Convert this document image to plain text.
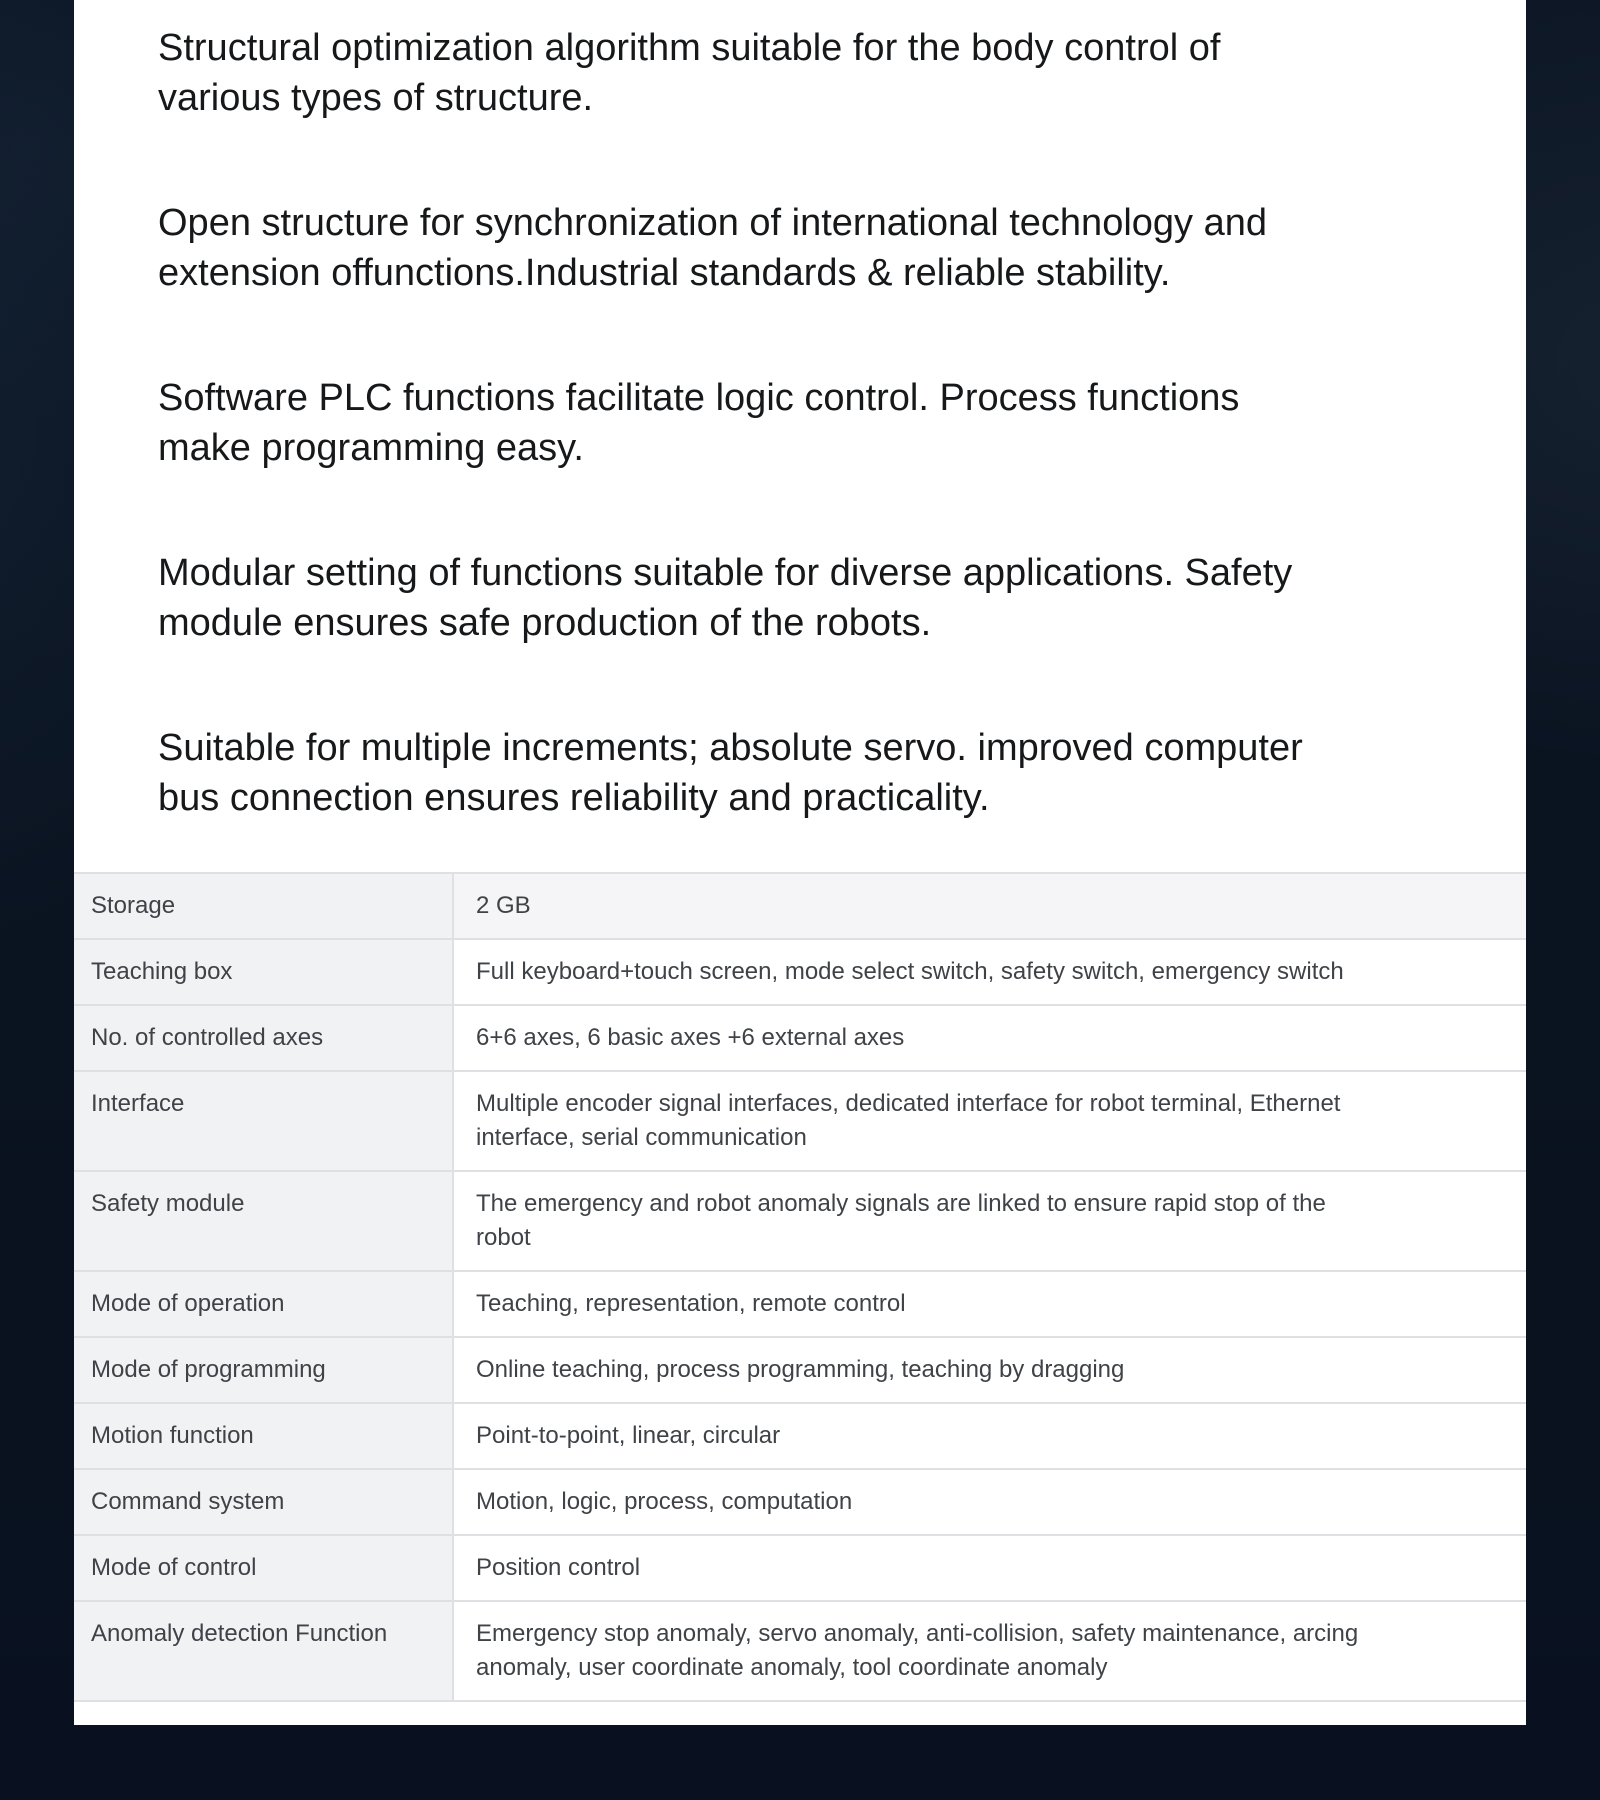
Structural optimization algorithm suitable for the body control of
various types of structure.

Open structure for synchronization of international technology and
extension offunctions.Industrial standards & reliable stability.

Software PLC functions facilitate logic control. Process functions
make programming easy.

Modular setting of functions suitable for diverse applications. Safety
module ensures safe production of the robots.

Suitable for multiple increments; absolute servo. improved computer
bus connection ensures reliability and practicality.

Storage	2 GB

Teaching box	Full keyboard+touch screen, mode select switch, safety switch, emergency switch

No. of controlled axes	6+6 axes, 6 basic axes +6 external axes

Interface	Multiple encoder signal interfaces, dedicated interface for robot terminal, Ethernet
interface, serial communication

Safety module	The emergency and robot anomaly signals are linked to ensure rapid stop of the
robot

Mode of operation	Teaching, representation, remote control

Mode of programming	Online teaching, process programming, teaching by dragging

Motion function	Point-to-point, linear, circular

Command system	Motion, logic, process, computation

Mode of control	Position control

Anomaly detection Function	Emergency stop anomaly, servo anomaly, anti-collision, safety maintenance, arcing
anomaly, user coordinate anomaly, tool coordinate anomaly
